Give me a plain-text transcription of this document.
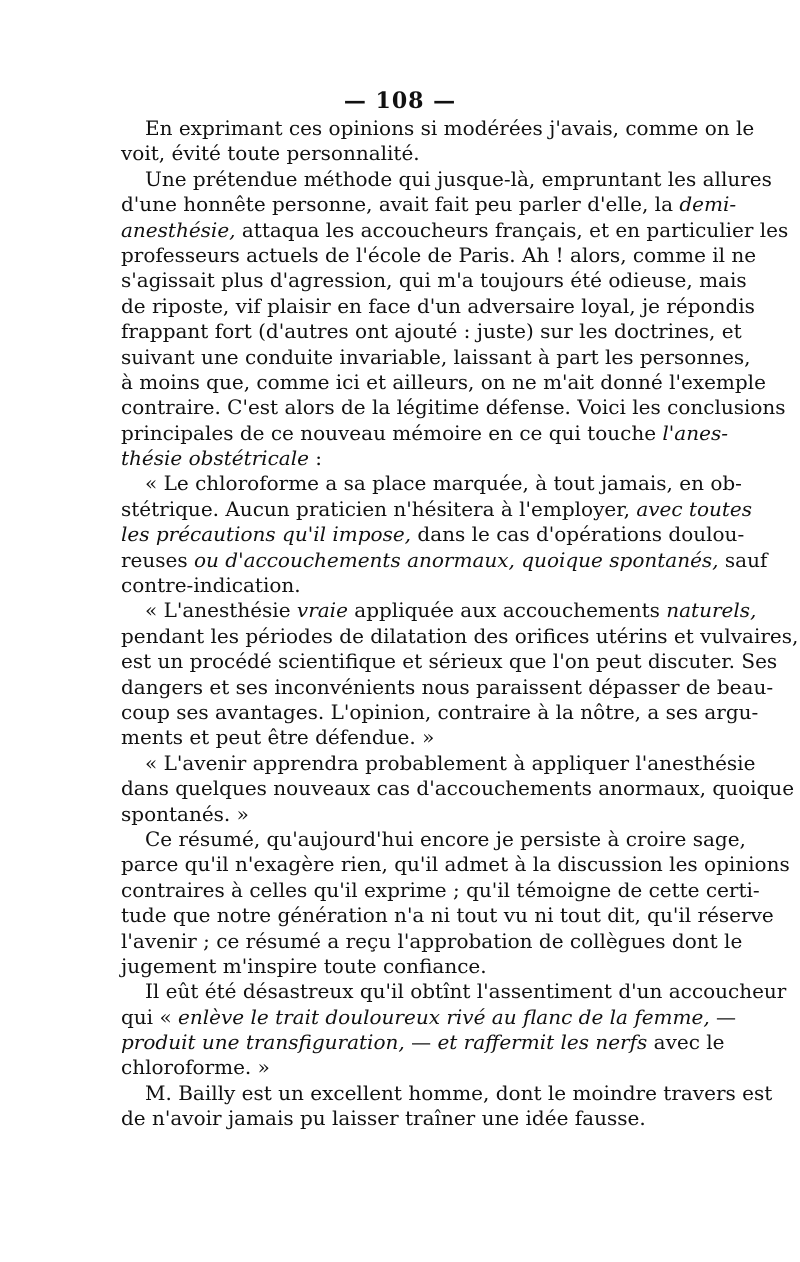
— 108 —
En exprimant ces opinions si modérées j'avais, comme on le
voit, évité toute personnalité.
Une prétendue méthode qui jusque-là, empruntant les allures
d'une honnête personne, avait fait peu parler d'elle, la demi-
anesthésie, attaqua les accoucheurs français, et en particulier les
professeurs actuels de l'école de Paris. Ah ! alors, comme il ne
s'agissait plus d'agression, qui m'a toujours été odieuse, mais
de riposte, vif plaisir en face d'un adversaire loyal, je répondis
frappant fort (d'autres ont ajouté : juste) sur les doctrines, et
suivant une conduite invariable, laissant à part les personnes,
à moins que, comme ici et ailleurs, on ne m'ait donné l'exemple
contraire. C'est alors de la légitime défense. Voici les conclusions
principales de ce nouveau mémoire en ce qui touche l'anes-
thésie obstétricale :
« Le chloroforme a sa place marquée, à tout jamais, en ob-
stétrique. Aucun praticien n'hésitera à l'employer, avec toutes
les précautions qu'il impose, dans le cas d'opérations doulou-
reuses ou d'accouchements anormaux, quoique spontanés, sauf
contre-indication.
« L'anesthésie vraie appliquée aux accouchements naturels,
pendant les périodes de dilatation des orifices utérins et vulvaires,
est un procédé scientifique et sérieux que l'on peut discuter. Ses
dangers et ses inconvénients nous paraissent dépasser de beau-
coup ses avantages. L'opinion, contraire à la nôtre, a ses argu-
ments et peut être défendue. »
« L'avenir apprendra probablement à appliquer l'anesthésie
dans quelques nouveaux cas d'accouchements anormaux, quoique
spontanés. »
Ce résumé, qu'aujourd'hui encore je persiste à croire sage,
parce qu'il n'exagère rien, qu'il admet à la discussion les opinions
contraires à celles qu'il exprime ; qu'il témoigne de cette certi-
tude que notre génération n'a ni tout vu ni tout dit, qu'il réserve
l'avenir ; ce résumé a reçu l'approbation de collègues dont le
jugement m'inspire toute confiance.
Il eût été désastreux qu'il obtînt l'assentiment d'un accoucheur
qui « enlève le trait douloureux rivé au flanc de la femme, —
produit une transfiguration, — et raffermit les nerfs avec le
chloroforme. »
M. Bailly est un excellent homme, dont le moindre travers est
de n'avoir jamais pu laisser traîner une idée fausse.
